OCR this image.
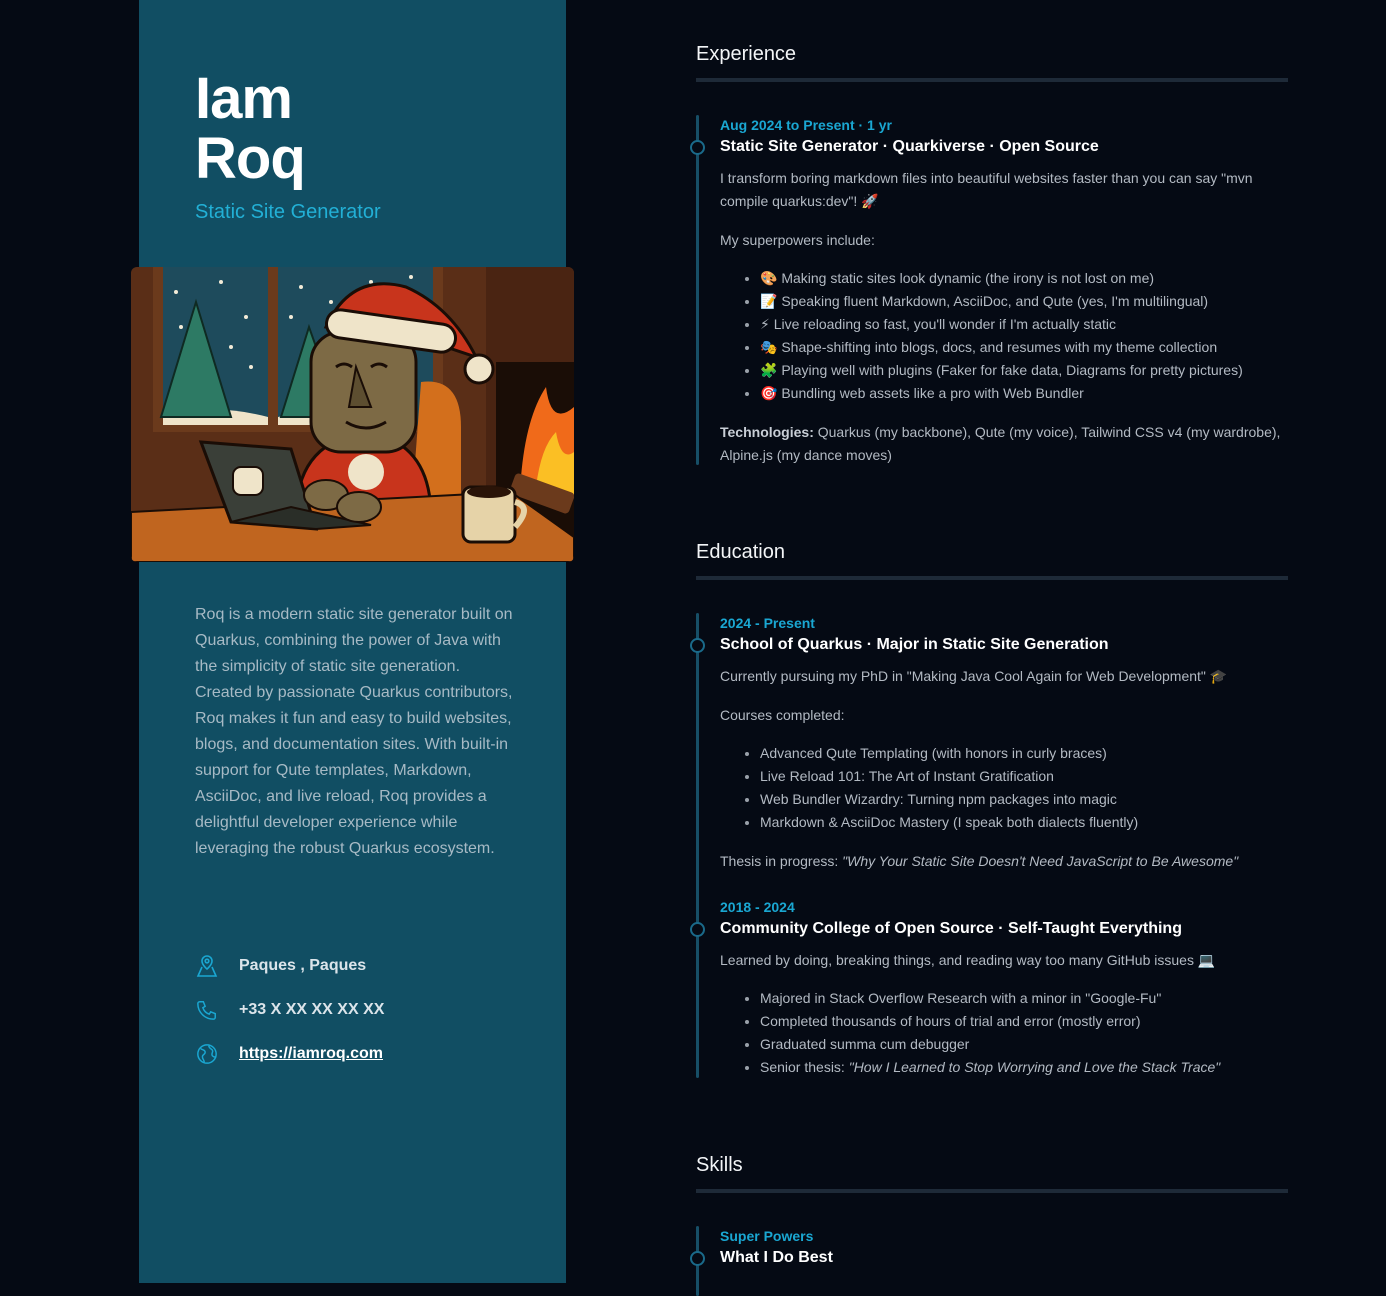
Iam
Roq
Static Site Generator
Roq is a modern static site generator built on Quarkus, combining the power of Java with the simplicity of static site generation. Created by passionate Quarkus contributors, Roq makes it fun and easy to build websites, blogs, and documentation sites. With built-in support for Qute templates, Markdown, AsciiDoc, and live reload, Roq provides a delightful developer experience while leveraging the robust Quarkus ecosystem.
Paques , Paques
+33 X XX XX XX XX
https://iamroq.com
Experience
Aug 2024 to Present · 1 yr
Static Site Generator · Quarkiverse · Open Source

I transform boring markdown files into beautiful websites faster than you can say "mvn compile quarkus:dev"! 🚀

My superpowers include:

• 🎨 Making static sites look dynamic (the irony is not lost on me)
• 📝 Speaking fluent Markdown, AsciiDoc, and Qute (yes, I'm multilingual)
• ⚡ Live reloading so fast, you'll wonder if I'm actually static
• 🎭 Shape-shifting into blogs, docs, and resumes with my theme collection
• 🧩 Playing well with plugins (Faker for fake data, Diagrams for pretty pictures)
• 🎯 Bundling web assets like a pro with Web Bundler

Technologies: Quarkus (my backbone), Qute (my voice), Tailwind CSS v4 (my wardrobe), Alpine.js (my dance moves)

Education
2024 - Present
School of Quarkus · Major in Static Site Generation

Currently pursuing my PhD in "Making Java Cool Again for Web Development" 🎓

Courses completed:

• Advanced Qute Templating (with honors in curly braces)
• Live Reload 101: The Art of Instant Gratification
• Web Bundler Wizardry: Turning npm packages into magic
• Markdown & AsciiDoc Mastery (I speak both dialects fluently)

Thesis in progress: "Why Your Static Site Doesn't Need JavaScript to Be Awesome"

2018 - 2024
Community College of Open Source · Self-Taught Everything

Learned by doing, breaking things, and reading way too many GitHub issues 💻

• Majored in Stack Overflow Research with a minor in "Google-Fu"
• Completed thousands of hours of trial and error (mostly error)
• Graduated summa cum debugger
• Senior thesis: "How I Learned to Stop Worrying and Love the Stack Trace"
Skills
Super Powers
What I Do Best
